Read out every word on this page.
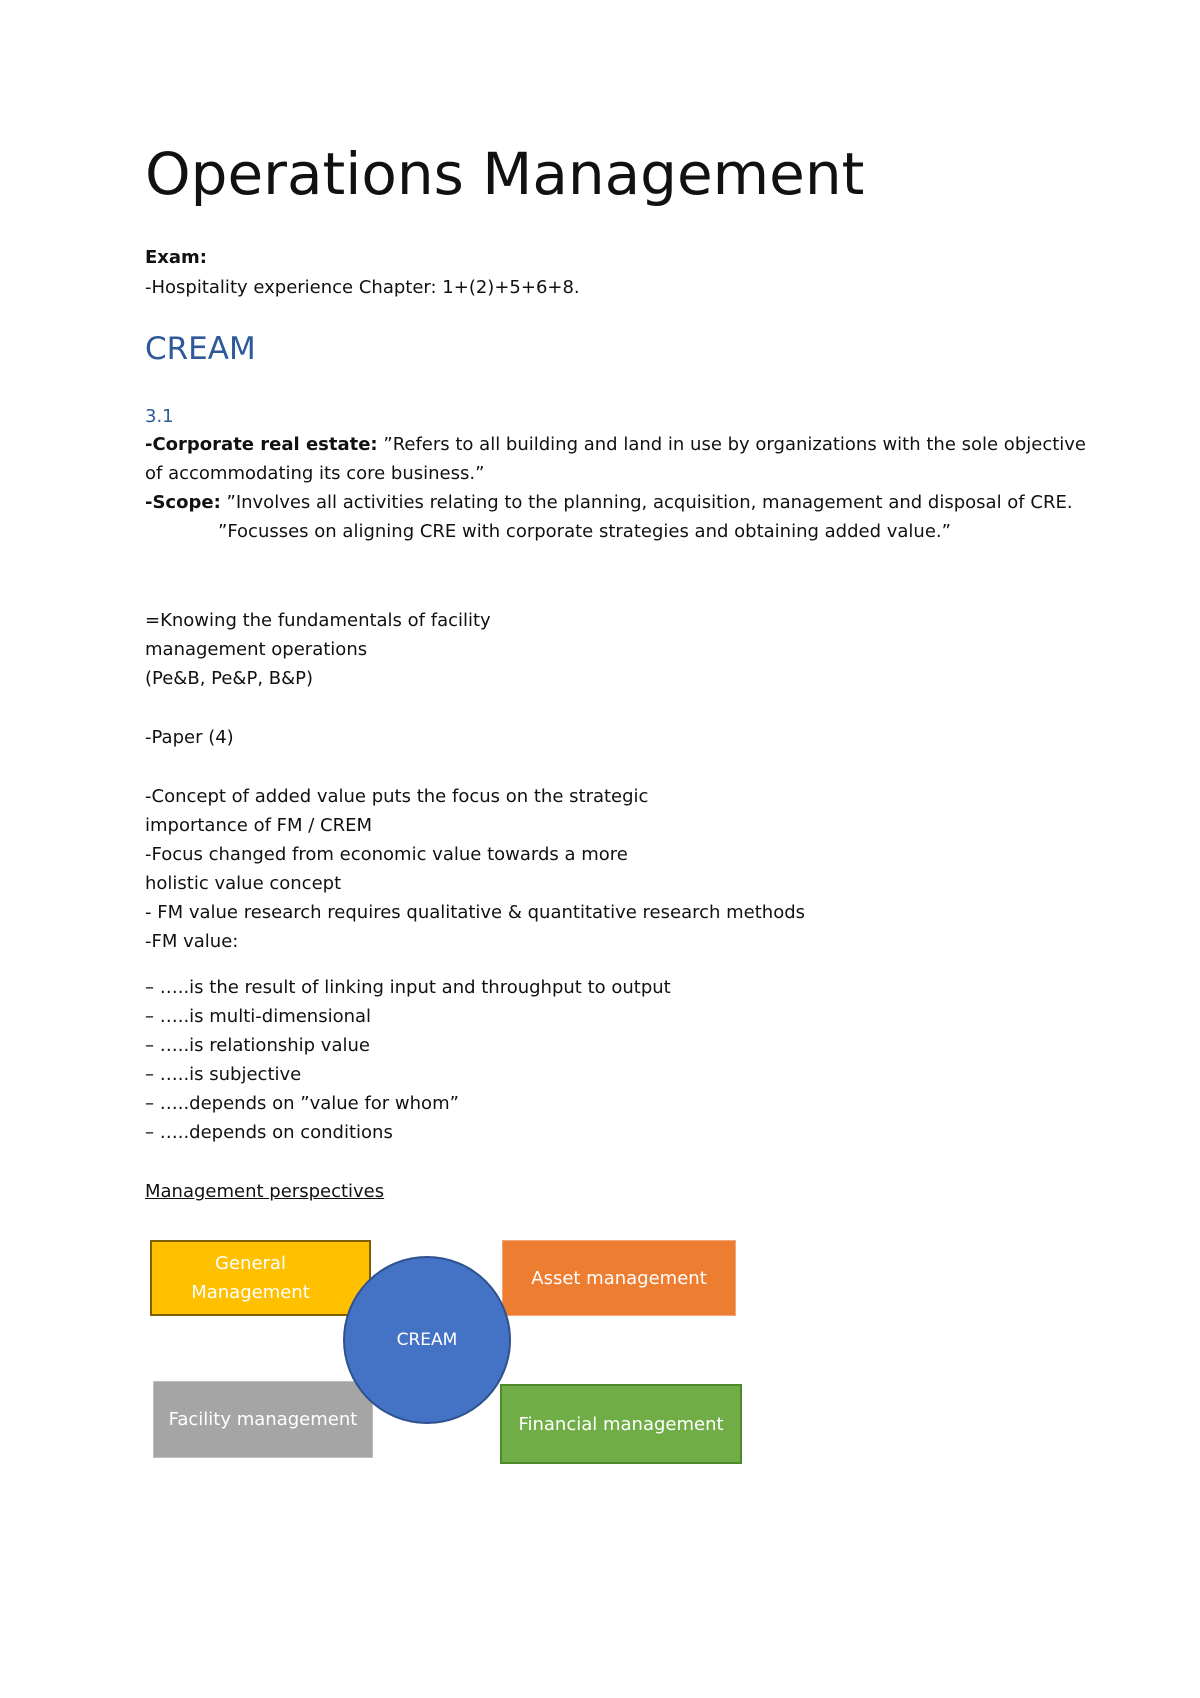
Operations Management
Exam:
-Hospitality experience Chapter: 1+(2)+5+6+8.
CREAM
3.1
-Corporate real estate: ”Refers to all building and land in use by organizations with the sole objective
of accommodating its core business.”
-Scope: ”Involves all activities relating to the planning, acquisition, management and disposal of CRE.
”Focusses on aligning CRE with corporate strategies and obtaining added value.”
=Knowing the fundamentals of facility
management operations
(Pe&B, Pe&P, B&P)
-Paper (4)
-Concept of added value puts the focus on the strategic
importance of FM / CREM
-Focus changed from economic value towards a more
holistic value concept
- FM value research requires qualitative & quantitative research methods
-FM value:
– …..is the result of linking input and throughput to output
– …..is multi-dimensional
– …..is relationship value
– …..is subjective
– …..depends on ”value for whom”
– …..depends on conditions
Management perspectives
General
Management
Asset management
Facility management	Financial management
CREAM
